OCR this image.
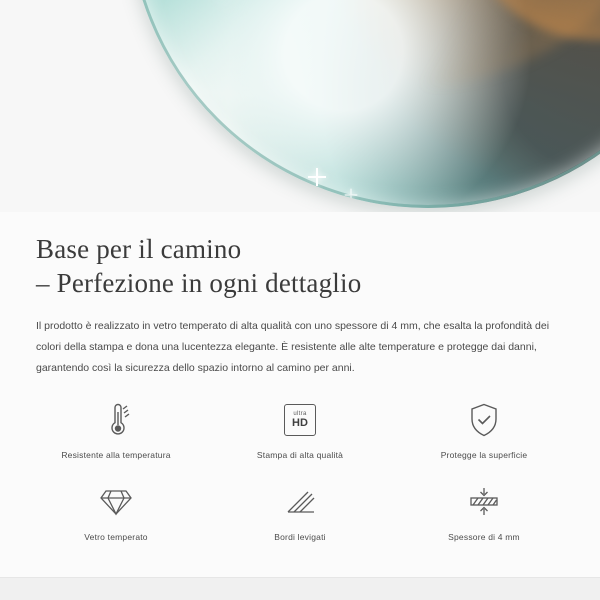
Base per il camino
– Perfezione in ogni dettaglio
Il prodotto è realizzato in vetro temperato di alta qualità con uno spessore di 4 mm, che esalta la profondità dei colori della stampa e dona una lucentezza elegante. È resistente alle alte temperature e protegge dai danni, garantendo così la sicurezza dello spazio intorno al camino per anni.
Resistente alla temperatura
ultra
HD
Stampa di alta qualità	Protegge la superficie
Vetro temperato	Bordi levigati	Spessore di 4 mm
